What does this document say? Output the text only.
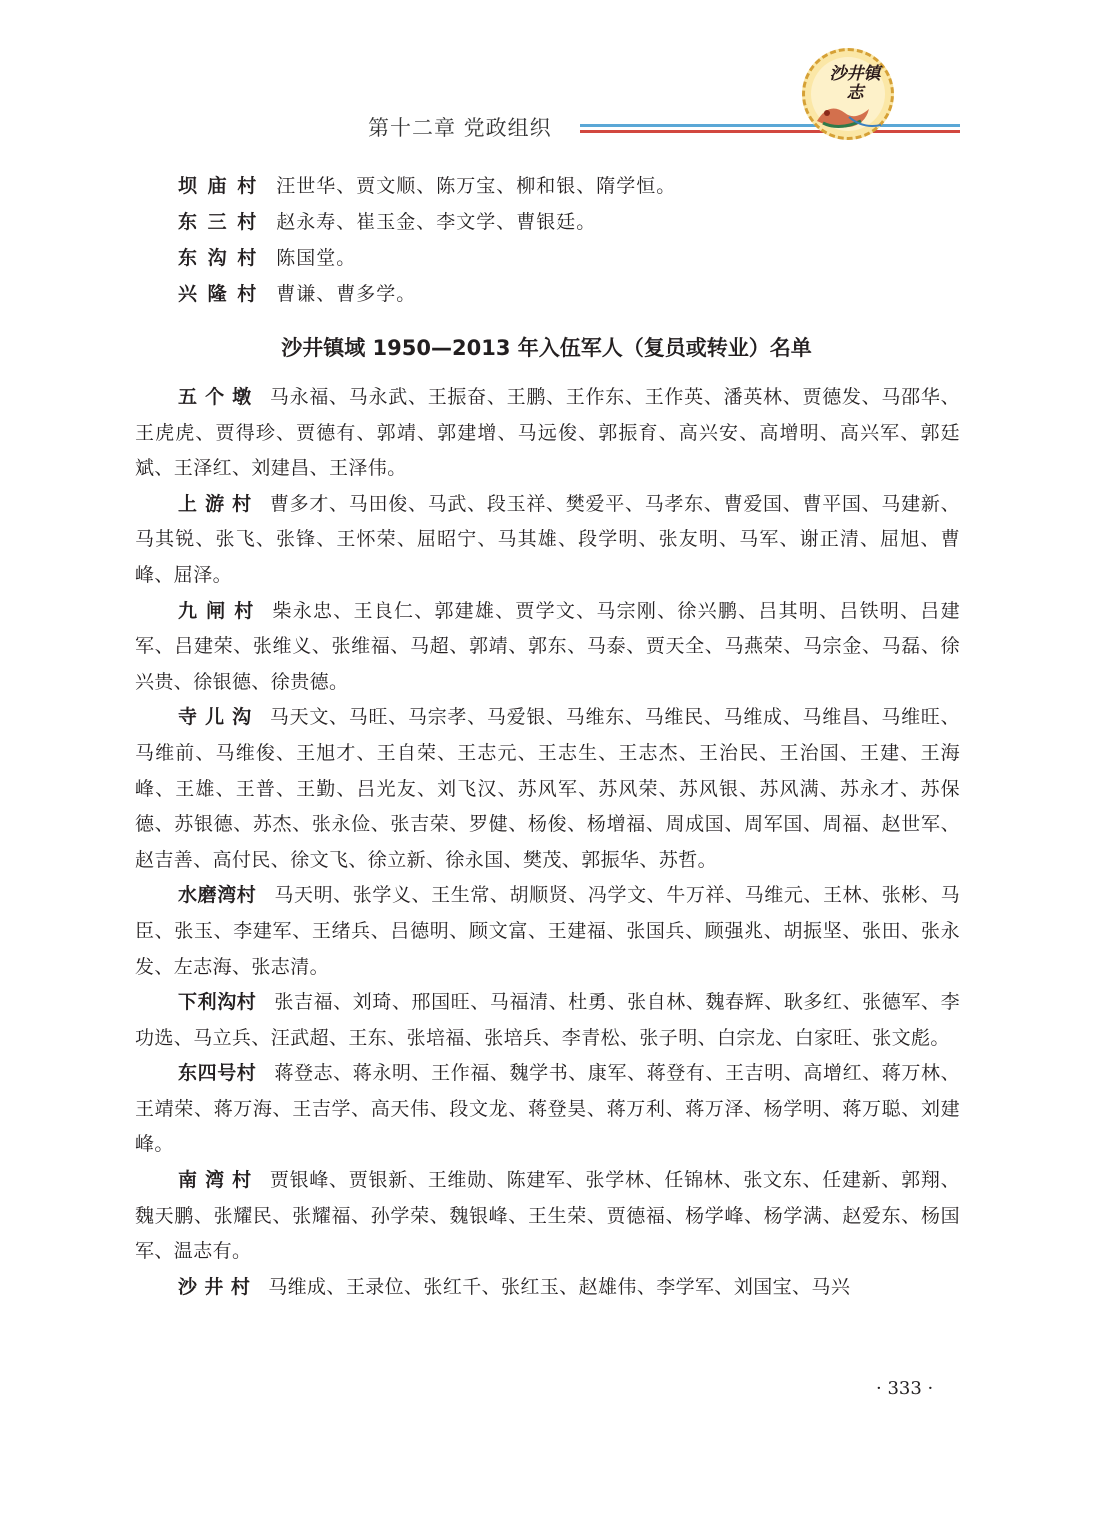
第十二章 党政组织
沙井镇志
坝 庙 村 汪世华、贾文顺、陈万宝、柳和银、隋学恒。
东 三 村 赵永寿、崔玉金、李文学、曹银廷。
东 沟 村 陈国堂。
兴 隆 村 曹谦、曹多学。
沙井镇域 1950—2013 年入伍军人（复员或转业）名单

五 个 墩 马永福、马永武、王振奋、王鹏、王作东、王作英、潘英林、贾德发、马邵华、王虎虎、贾得珍、贾德有、郭靖、郭建增、马远俊、郭振育、高兴安、高增明、高兴军、郭廷斌、王泽红、刘建昌、王泽伟。

上 游 村 曹多才、马田俊、马武、段玉祥、樊爱平、马孝东、曹爱国、曹平国、马建新、马其锐、张飞、张锋、王怀荣、屈昭宁、马其雄、段学明、张友明、马军、谢正清、屈旭、曹峰、屈泽。

九 闸 村 柴永忠、王良仁、郭建雄、贾学文、马宗刚、徐兴鹏、吕其明、吕铁明、吕建军、吕建荣、张维义、张维福、马超、郭靖、郭东、马泰、贾天全、马燕荣、马宗金、马磊、徐兴贵、徐银德、徐贵德。

寺 儿 沟 马天文、马旺、马宗孝、马爱银、马维东、马维民、马维成、马维昌、马维旺、马维前、马维俊、王旭才、王自荣、王志元、王志生、王志杰、王治民、王治国、王建、王海峰、王雄、王普、王勤、吕光友、刘飞汉、苏风军、苏风荣、苏风银、苏风满、苏永才、苏保德、苏银德、苏杰、张永俭、张吉荣、罗健、杨俊、杨增福、周成国、周军国、周福、赵世军、赵吉善、高付民、徐文飞、徐立新、徐永国、樊茂、郭振华、苏哲。

水磨湾村 马天明、张学义、王生常、胡顺贤、冯学文、牛万祥、马维元、王林、张彬、马臣、张玉、李建军、王绪兵、吕德明、顾文富、王建福、张国兵、顾强兆、胡振坚、张田、张永发、左志海、张志清。

下利沟村 张吉福、刘琦、邢国旺、马福清、杜勇、张自林、魏春辉、耿多红、张德军、李功选、马立兵、汪武超、王东、张培福、张培兵、李青松、张子明、白宗龙、白家旺、张文彪。

东四号村 蒋登志、蒋永明、王作福、魏学书、康军、蒋登有、王吉明、高增红、蒋万林、王靖荣、蒋万海、王吉学、高天伟、段文龙、蒋登昊、蒋万利、蒋万泽、杨学明、蒋万聪、刘建峰。

南 湾 村 贾银峰、贾银新、王维勋、陈建军、张学林、任锦林、张文东、任建新、郭翔、魏天鹏、张耀民、张耀福、孙学荣、魏银峰、王生荣、贾德福、杨学峰、杨学满、赵爱东、杨国军、温志有。

沙 井 村 马维成、王录位、张红千、张红玉、赵雄伟、李学军、刘国宝、马兴

· 333 ·
